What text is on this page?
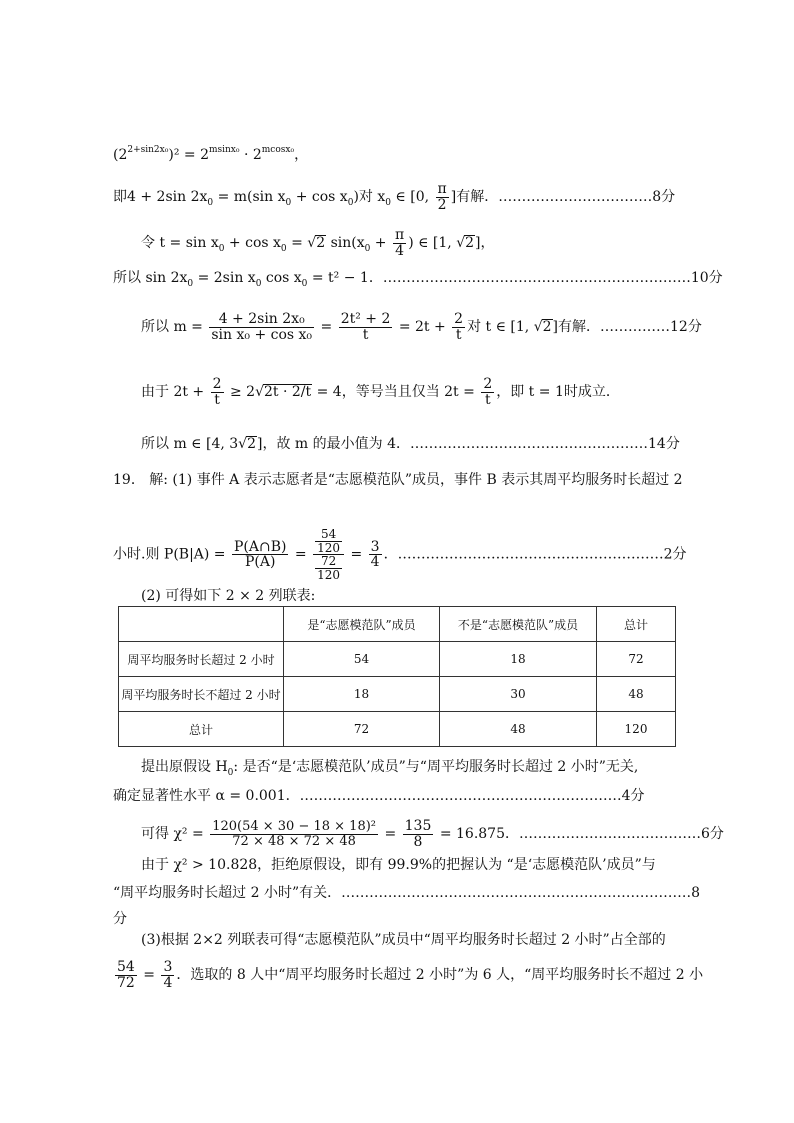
$(2^{2+sin2x_0})^2 = 2^{msinx_0} \cdot 2^{mcosx_0}$，
即4 + 2sin $2x_0 = m(\sin$ $x_0 + \cos x_0$)对 $x_0$ ∈ [0, $\frac{\pi}{2}$ ]有解．……………………………8分
令 $t = \sin x_0 + \cos x_0 = √2$ $\sin(x_0 + \frac{\pi}{4}$ ) ∈ [1, √2]，
所以 $\sin 2x_0 = 2\sin$ $x_0$ $\cos x_0 = t^2 - 1$．…………………………………………………………10分
所以 $m = \frac{\text{4 + 2sin 2x₀}}{\text{sin x₀ + cos x₀}} = \frac{\text{2t² + 2}}{t} = 2t + \frac{2}{t}$ 对 t ∈ [1, √2]有解．……………12分
由于 $2t + \frac{2}{t} \ge 2√2t \cdot 2/t = 4$，等号当且仅当 $2t = \frac{2}{t}$ ，即 t = 1时成立．
所以 m ∈ [4, 3√2]，故 m 的最小值为 4．……………………………………………14分
19． 解: (1) 事件 A 表示志愿者是“志愿模范队”成员，事件 B 表示其周平均服务时长超过 2
小时.则 $P(B|A) = \frac{P(A\cap B)}{P(A)} = \frac{\frac{54}{120}}{\frac{72}{120}} = \frac{3}{4}$ ．…………………………………………………2分
(2) 可得如下 2 × 2 列联表:
	是“志愿模范队”成员	不是“志愿模范队”成员	总计
周平均服务时长超过 2 小时	54	18	72
周平均服务时长不超过 2 小时	18	30	48
总计	72	48	120
提出原假设 $H_0$: 是否“是‘志愿模范队’成员”与“周平均服务时长超过 2 小时”无关,
确定显著性水平 α = 0.001．……………………………………………………………4分
可得 $\chi^2 = \frac{\text{120(54 × 30 − 18 × 18)²}}{72 \times 48 \times 72 \times 48} = \frac{135}{8} = 16.875$．…………………………………6分
由于 χ² > 10.828，拒绝原假设，即有 99.9%的把握认为 “是‘志愿模范队’成员”与
“周平均服务时长超过 2 小时”有关．…………………………………………………………………8
分
(3)根据 2×2 列联表可得“志愿模范队”成员中“周平均服务时长超过 2 小时”占全部的
$\frac{54}{72} = \frac{3}{4}$ ．选取的 8 人中“周平均服务时长超过 2 小时”为 6 人，“周平均服务时长不超过 2 小
